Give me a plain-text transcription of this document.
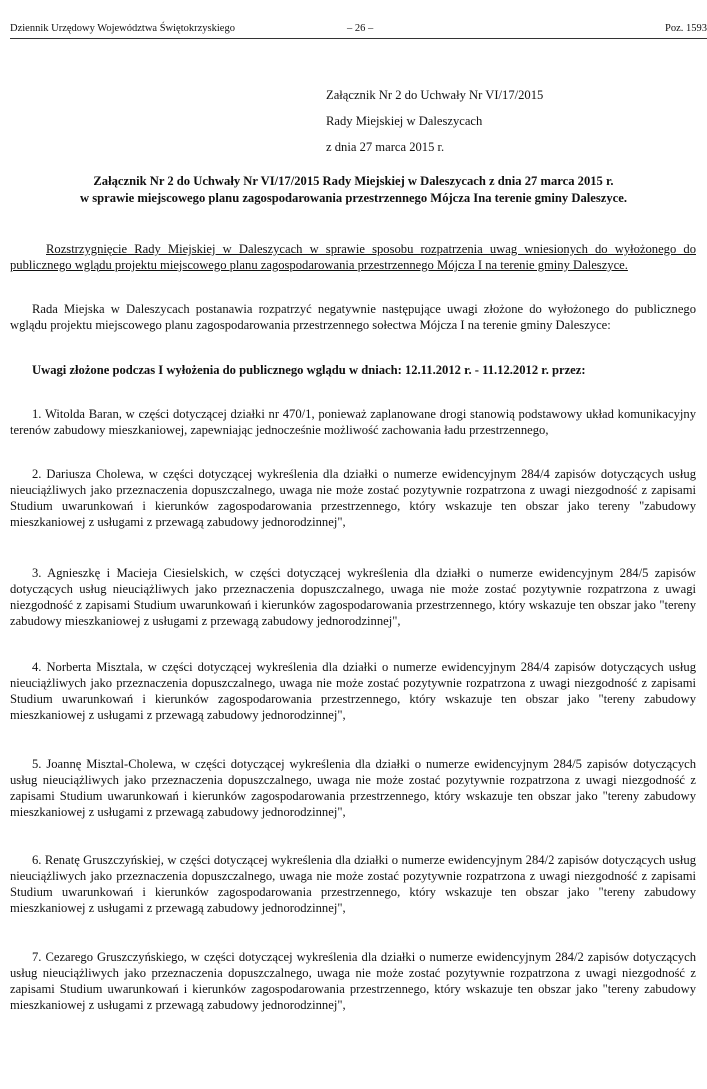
Dziennik Urzędowy Województwa Świętokrzyskiego	– 26 –	Poz. 1593
Załącznik Nr 2 do Uchwały Nr VI/17/2015
Rady Miejskiej w Daleszycach
z dnia 27 marca 2015 r.
Załącznik Nr 2 do Uchwały Nr VI/17/2015 Rady Miejskiej w Daleszycach z dnia 27 marca 2015 r.
w sprawie miejscowego planu zagospodarowania przestrzennego Mójcza Ina terenie gminy Daleszyce.
Rozstrzygnięcie Rady Miejskiej w Daleszycach w sprawie sposobu rozpatrzenia uwag wniesionych do wyłożonego do publicznego wglądu projektu miejscowego planu zagospodarowania przestrzennego Mójcza I na terenie gminy Daleszyce.
Rada Miejska w Daleszycach postanawia rozpatrzyć negatywnie następujące uwagi złożone do wyłożonego do publicznego wglądu projektu miejscowego planu zagospodarowania przestrzennego sołectwa Mójcza I na terenie gminy Daleszyce:
Uwagi złożone podczas I wyłożenia do publicznego wglądu w dniach: 12.11.2012 r. - 11.12.2012 r. przez:
1. Witolda Baran, w części dotyczącej działki nr 470/1, ponieważ zaplanowane drogi stanowią podstawowy układ komunikacyjny terenów zabudowy mieszkaniowej, zapewniając jednocześnie możliwość zachowania ładu przestrzennego,
2. Dariusza Cholewa, w części dotyczącej wykreślenia dla działki o numerze ewidencyjnym 284/4 zapisów dotyczących usług nieuciążliwych jako przeznaczenia dopuszczalnego, uwaga nie może zostać pozytywnie rozpatrzona z uwagi niezgodność z zapisami Studium uwarunkowań i kierunków zagospodarowania przestrzennego, który wskazuje ten obszar jako tereny "zabudowy mieszkaniowej z usługami z przewagą zabudowy jednorodzinnej",
3. Agnieszkę i Macieja Ciesielskich, w części dotyczącej wykreślenia dla działki o numerze ewidencyjnym 284/5 zapisów dotyczących usług nieuciążliwych jako przeznaczenia dopuszczalnego, uwaga nie może zostać pozytywnie rozpatrzona z uwagi niezgodność z zapisami Studium uwarunkowań i kierunków zagospodarowania przestrzennego, który wskazuje ten obszar jako "tereny zabudowy mieszkaniowej z usługami z przewagą zabudowy jednorodzinnej",
4. Norberta Misztala, w części dotyczącej wykreślenia dla działki o numerze ewidencyjnym 284/4 zapisów dotyczących usług nieuciążliwych jako przeznaczenia dopuszczalnego, uwaga nie może zostać pozytywnie rozpatrzona z uwagi niezgodność z zapisami Studium uwarunkowań i kierunków zagospodarowania przestrzennego, który wskazuje ten obszar jako "tereny zabudowy mieszkaniowej z usługami z przewagą zabudowy jednorodzinnej",
5. Joannę Misztal-Cholewa, w części dotyczącej wykreślenia dla działki o numerze ewidencyjnym 284/5 zapisów dotyczących usług nieuciążliwych jako przeznaczenia dopuszczalnego, uwaga nie może zostać pozytywnie rozpatrzona z uwagi niezgodność z zapisami Studium uwarunkowań i kierunków zagospodarowania przestrzennego, który wskazuje ten obszar jako "tereny zabudowy mieszkaniowej z usługami z przewagą zabudowy jednorodzinnej",
6. Renatę Gruszczyńskiej, w części dotyczącej wykreślenia dla działki o numerze ewidencyjnym 284/2 zapisów dotyczących usług nieuciążliwych jako przeznaczenia dopuszczalnego, uwaga nie może zostać pozytywnie rozpatrzona z uwagi niezgodność z zapisami Studium uwarunkowań i kierunków zagospodarowania przestrzennego, który wskazuje ten obszar jako "tereny zabudowy mieszkaniowej z usługami z przewagą zabudowy jednorodzinnej",
7. Cezarego Gruszczyńskiego, w części dotyczącej wykreślenia dla działki o numerze ewidencyjnym 284/2 zapisów dotyczących usług nieuciążliwych jako przeznaczenia dopuszczalnego, uwaga nie może zostać pozytywnie rozpatrzona z uwagi niezgodność z zapisami Studium uwarunkowań i kierunków zagospodarowania przestrzennego, który wskazuje ten obszar jako "tereny zabudowy mieszkaniowej z usługami z przewagą zabudowy jednorodzinnej",
